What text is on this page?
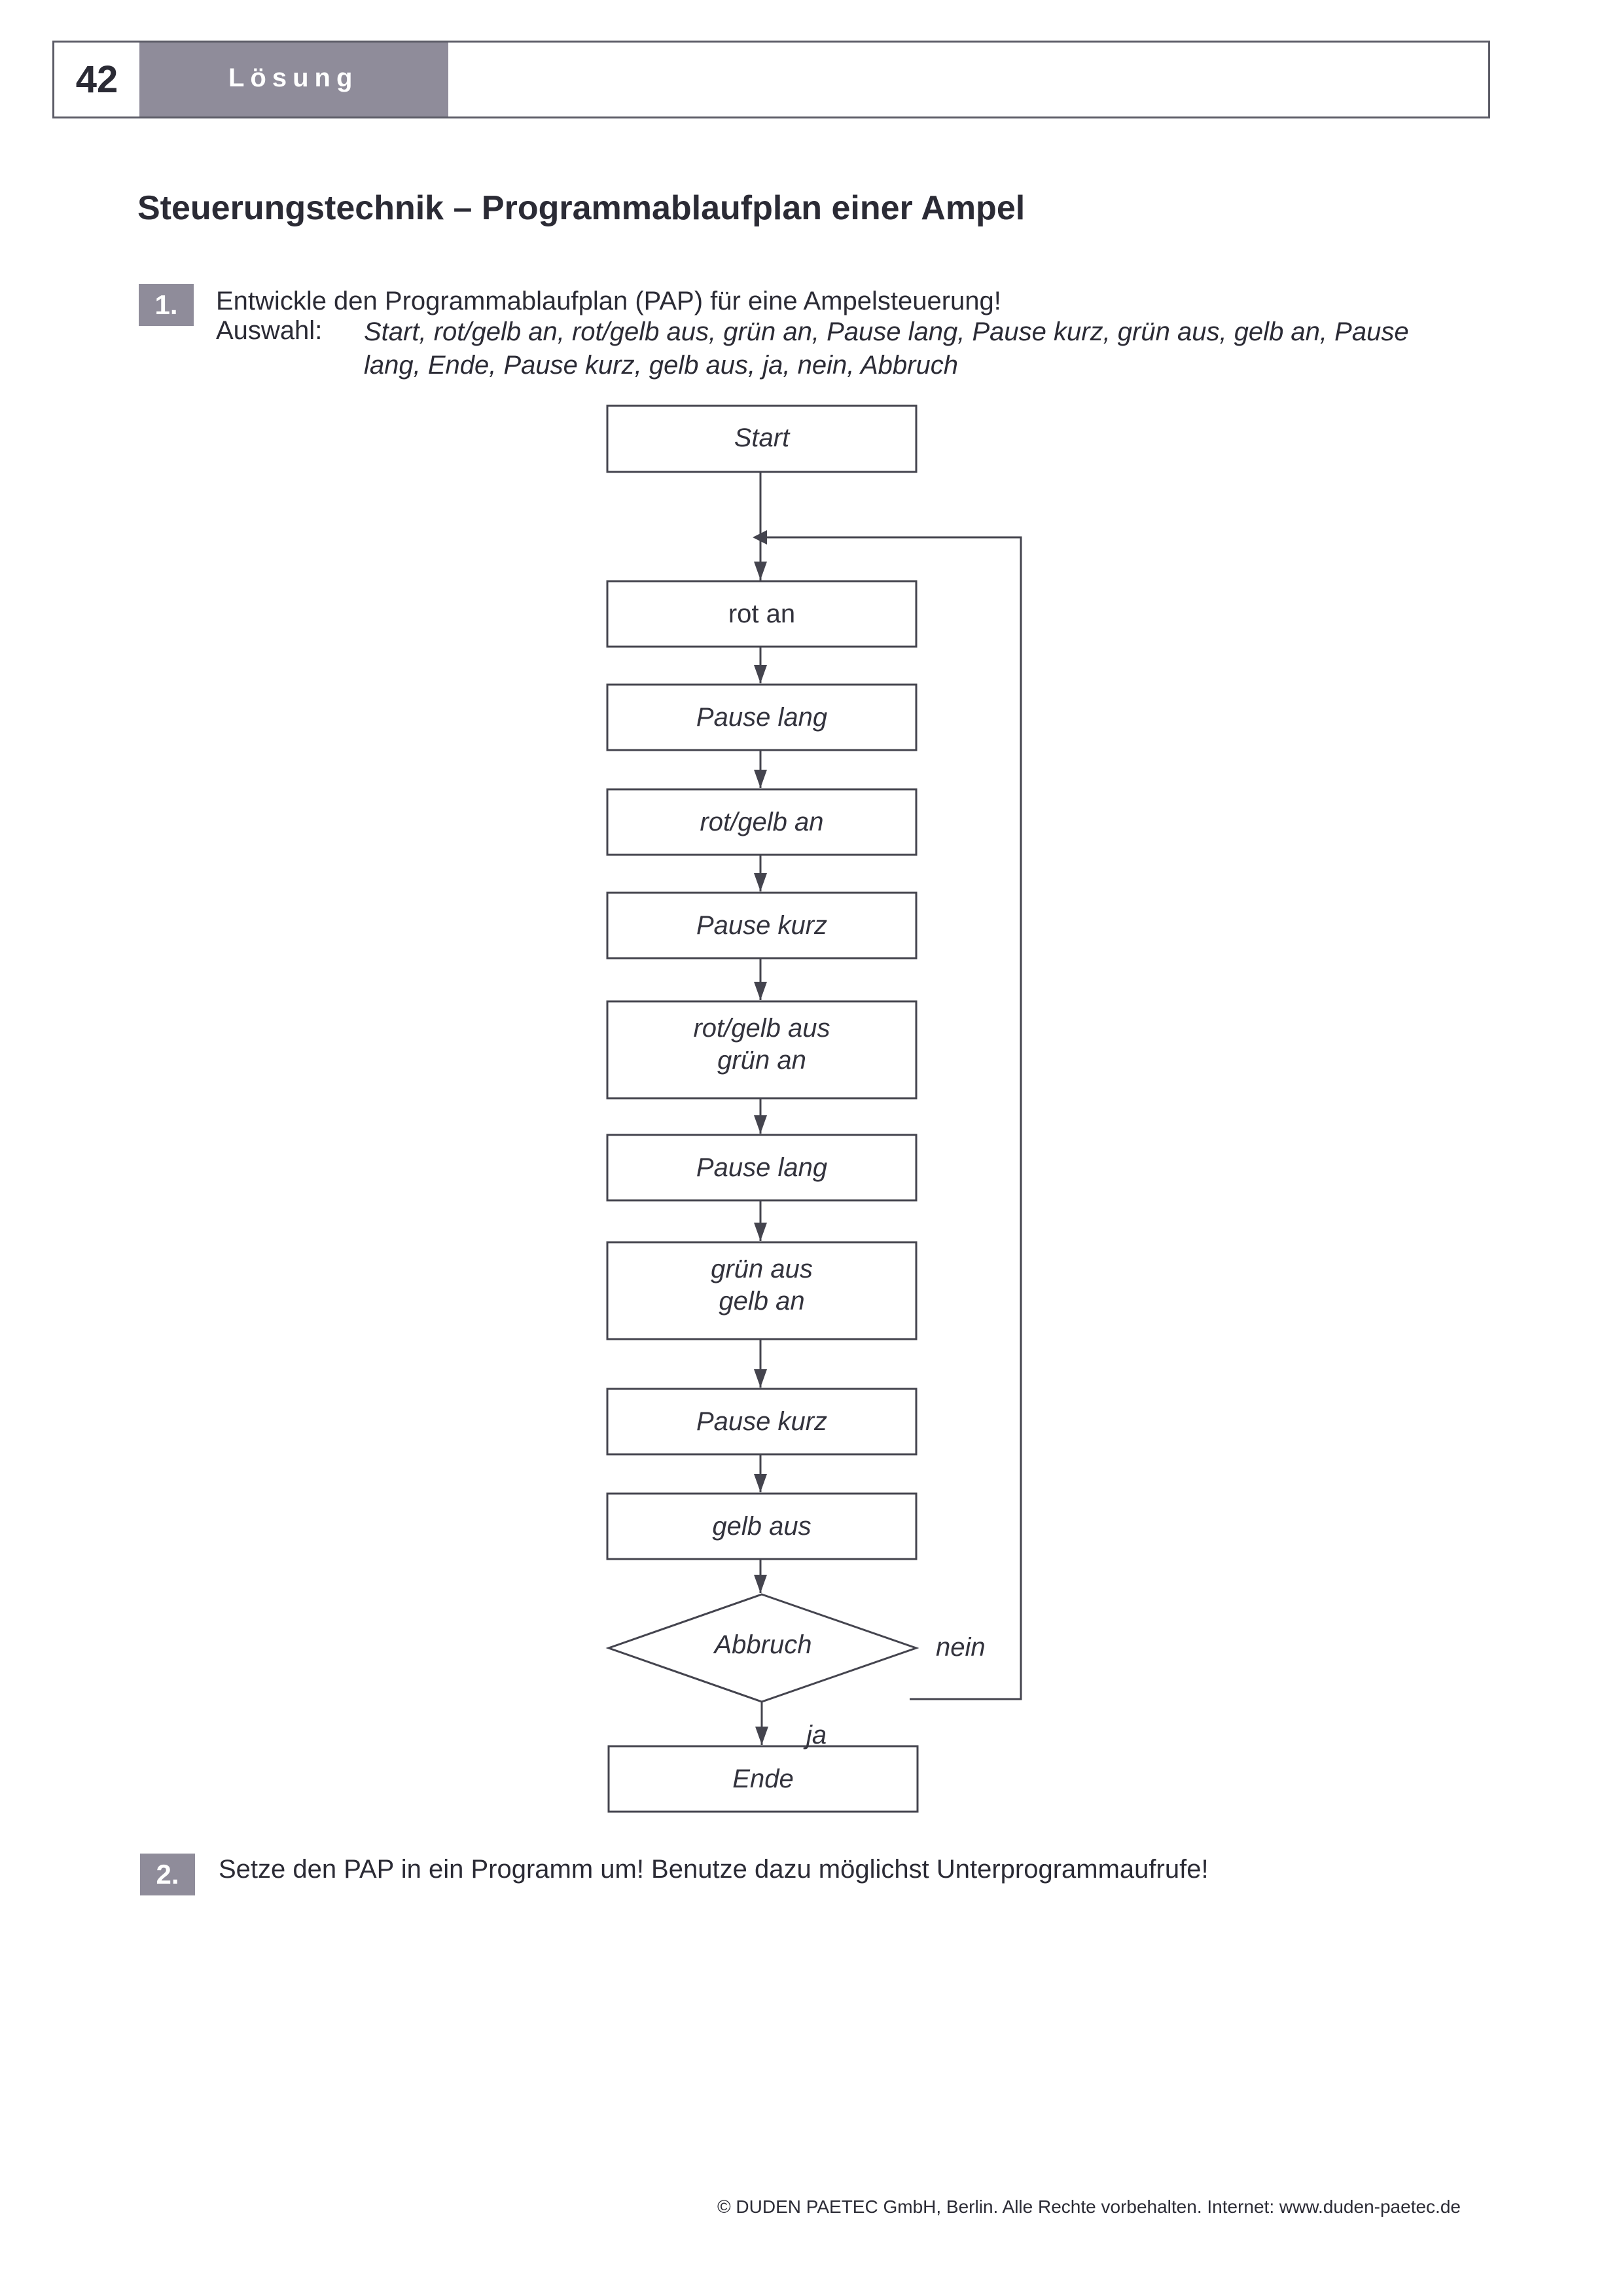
42	Lösung
Steuerungstechnik – Programmablaufplan einer Ampel
1.	Entwickle den Programmablaufplan (PAP) für eine Ampelsteuerung!
Auswahl: Start, rot/gelb an, rot/gelb aus, grün an, Pause lang, Pause kurz, grün aus, gelb an, Pause
lang, Ende, Pause kurz, gelb aus, ja, nein, Abbruch
Start
rot an
Pause lang
rot/gelb an
Pause kurz
rot/gelb aus
grün an
Pause lang
grün aus
gelb an
Pause kurz
gelb aus
Abbruch
Ende
nein
ja
2.	Setze den PAP in ein Programm um! Benutze dazu möglichst Unterprogrammaufrufe!
© DUDEN PAETEC GmbH, Berlin. Alle Rechte vorbehalten. Internet: www.duden-paetec.de
